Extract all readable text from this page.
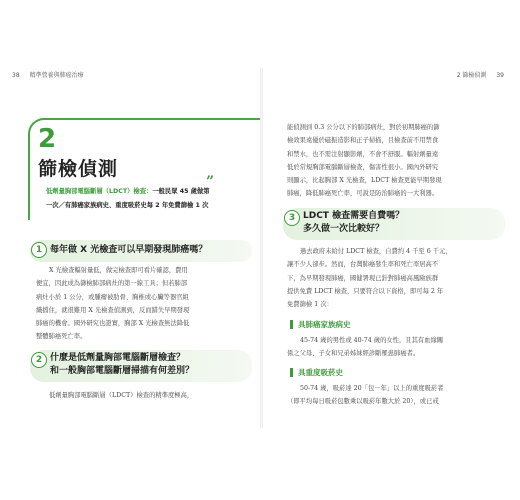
38 精準營養與肺癌治療	2 篩檢偵測 39
2
篩檢偵測
”
低劑量胸部電腦斷層（LDCT）檢查：一般民眾 45 歲做第
一次／有肺癌家族病史、重度吸菸史每 2 年免費篩檢 1 次
1 每年做 X 光檢查可以早期發現肺癌嗎？
X 光檢查輻射量低，做完檢查即可看片確認，費用
便宜，因此成為篩檢肺部病灶的第一線工具；但若肺部
病灶小於 1 公分，或腫瘤被肋骨、胸椎或心臟等器官組
織擋住，就很難用 X 光檢查偵測到，反而錯失早期發現
肺癌的機會。國外研究也證實，胸部 X 光檢查無法降低
整體肺癌死亡率。
2 什麼是低劑量胸部電腦斷層檢查？
和一般胸部電腦斷層掃描有何差別？
低劑量胸部電腦斷層（LDCT）檢查的精準度極高，
能偵測到 0.3 公分以下的肺部病灶，對於初期肺癌的篩
檢效果遠優於磁振造影和正子掃描，且檢查前不用禁食
和禁水，也不需注射顯影劑，不會不舒服。輻射劑量遠
低於常規胸部電腦斷層檢查，傷害性很小。國內外研究
則顯示，比起胸部 X 光檢查，LDCT 檢查更能早期發現
肺癌，降低肺癌死亡率，可說是防治肺癌的一大利器。
3 LDCT 檢查需要自費嗎？
多久做一次比較好？
過去政府未給付 LDCT 檢查，自費約 4 千至 6 千元，
讓不少人卻步。然而，台灣肺癌發生率和死亡率居高不
下，為早期發現肺癌，國健署現已針對肺癌高風險族群
提供免費 LDCT 檢查，只要符合以下資格，即可每 2 年
免費篩檢 1 次：
具肺癌家族病史
45-74 歲的男性或 40-74 歲的女性，且其有血緣關
係之父母、子女和兄弟姊妹經診斷罹患肺癌者。
具重度吸菸史
50-74 歲，吸菸達 20「包－年」以上的重度吸菸者
（即平均每日吸菸包數乘以吸菸年數大於 20），或已戒
